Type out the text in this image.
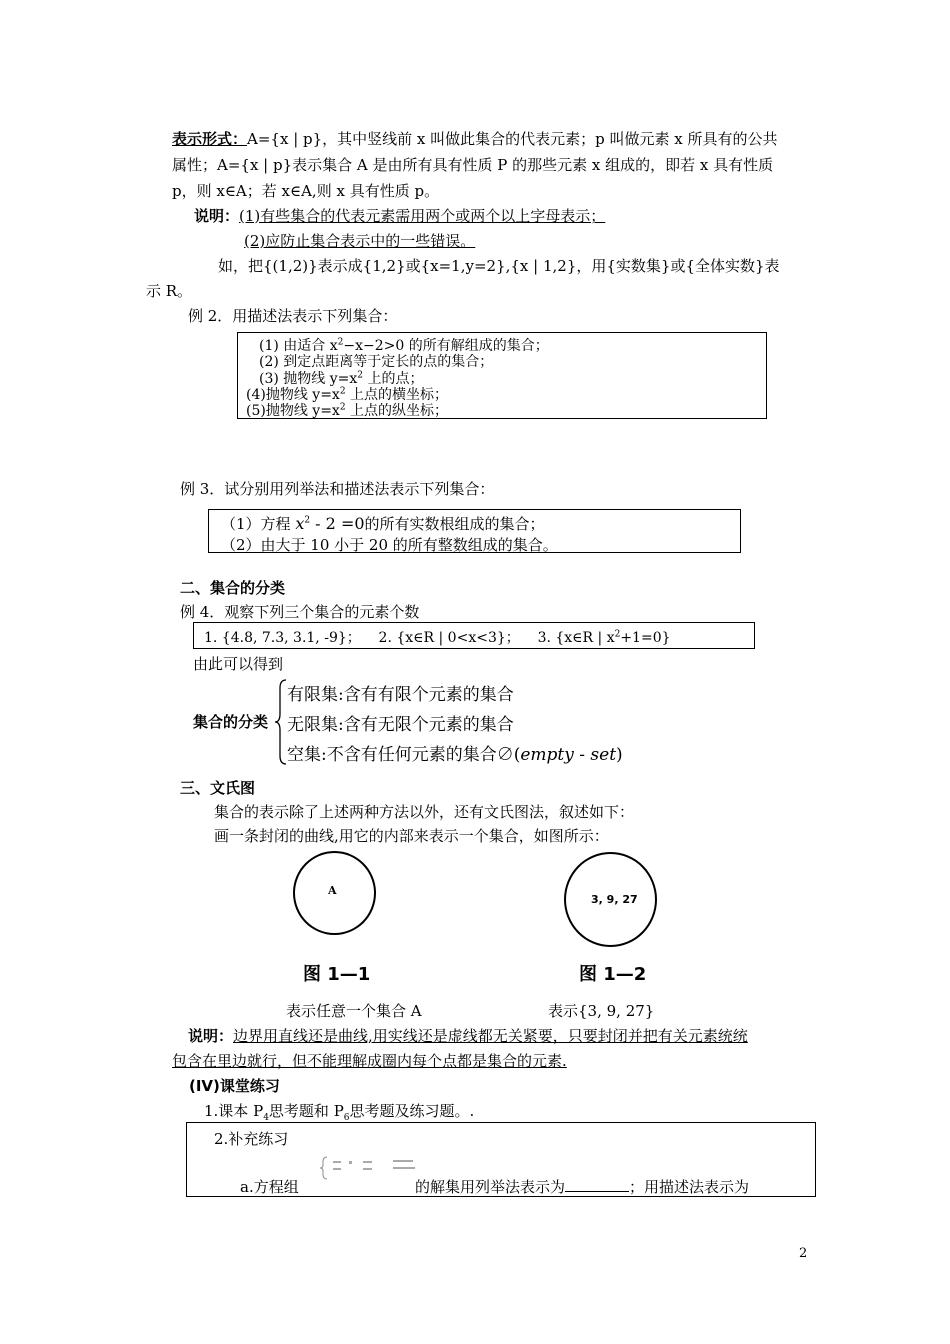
表示形式：A={x | p}，其中竖线前 x 叫做此集合的代表元素；p 叫做元素 x 所具有的公共
属性；A={x | p}表示集合 A 是由所有具有性质 P 的那些元素 x 组成的，即若 x 具有性质
p，则 x∈A；若 x∈A,则 x 具有性质 p。
说明：(1)有些集合的代表元素需用两个或两个以上字母表示；
(2)应防止集合表示中的一些错误。
如，把{(1,2)}表示成{1,2}或{x=1,y=2},{x | 1,2}，用{实数集}或{全体实数}表
示 R。
例 2．用描述法表示下列集合：
(1) 由适合 $x^2-x-2>0$ 的所有解组成的集合；
(2) 到定点距离等于定长的点的集合；
(3) 抛物线 $y=x^2$ 上的点；
(4)抛物线 $y=x^2$ 上点的横坐标；
(5)抛物线 $y=x^2$ 上点的纵坐标；
例 3．试分别用列举法和描述法表示下列集合：
（1）方程 $x^2 - 2 =0$的所有实数根组成的集合；
（2）由大于 10 小于 20 的所有整数组成的集合。
二、集合的分类
例 4．观察下列三个集合的元素个数
1. {4.8, 7.3, 3.1, -9}；    2. {x∈R | 0<x<3}；    3. {x∈R | $x^2+1=0$}
由此可以得到
集合的分类
有限集:含有有限个元素的集合
无限集:含有无限个元素的集合
空集:不含有任何元素的集合∅(empty - set)
三、文氏图
集合的表示除了上述两种方法以外，还有文氏图法，叙述如下：
画一条封闭的曲线,用它的内部来表示一个集合，如图所示：
A
3, 9, 27
图 1—1	图 1—2
表示任意一个集合 A	表示{3, 9, 27}
说明：边界用直线还是曲线,用实线还是虚线都无关紧要，只要封闭并把有关元素统统
包含在里边就行，但不能理解成圈内每个点都是集合的元素.
(IV)课堂练习
1.课本 $P_4$思考题和 $P_6$思考题及练习题。.
2.补充练习
a.方程组	的解集用列举法表示为	；用描述法表示为
2
